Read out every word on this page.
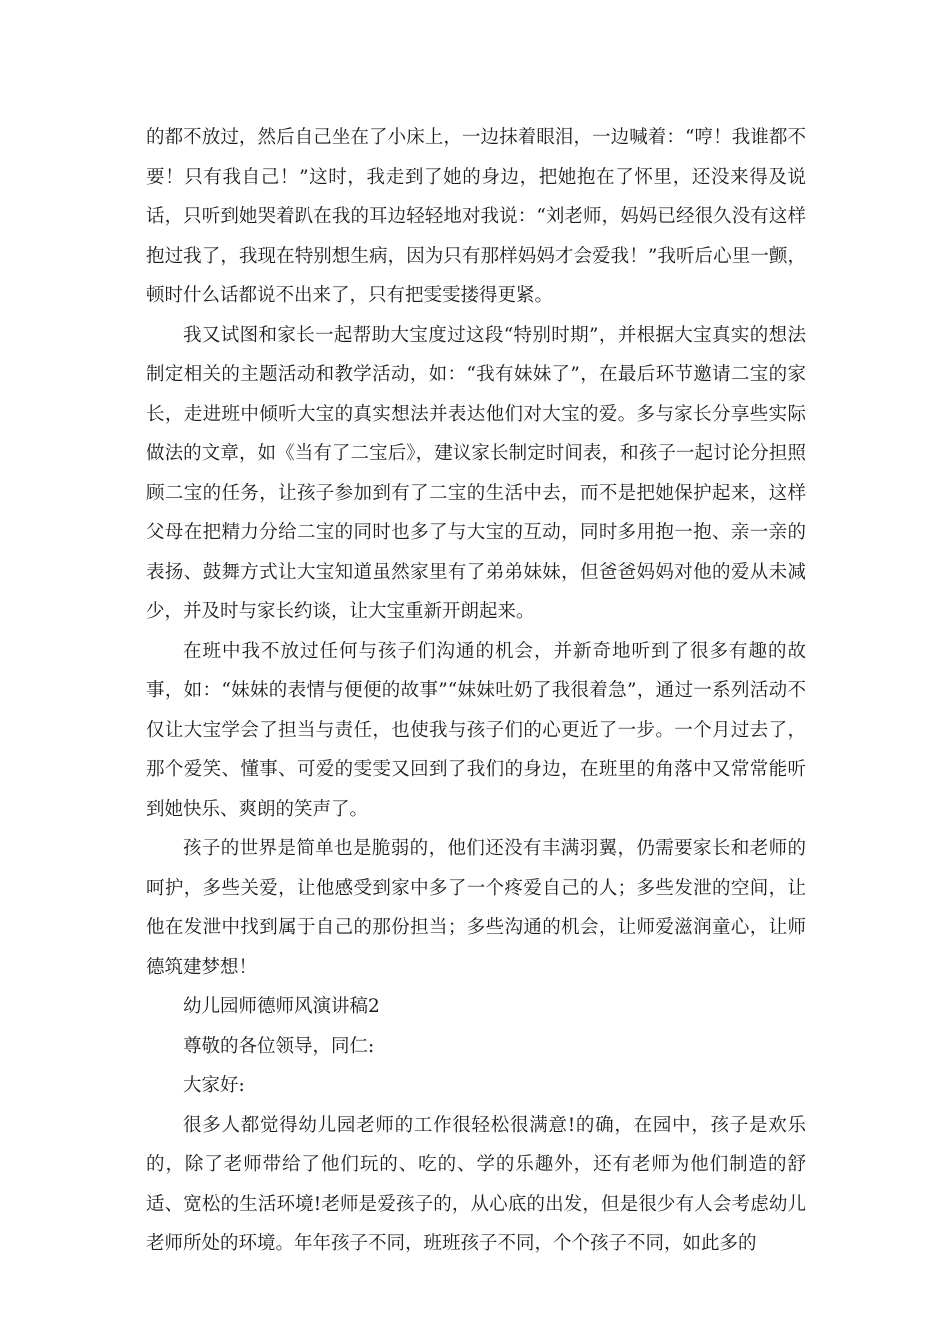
的都不放过，然后自己坐在了小床上，一边抹着眼泪，一边喊着：“哼！我谁都不要！只有我自己！”这时，我走到了她的身边，把她抱在了怀里，还没来得及说话，只听到她哭着趴在我的耳边轻轻地对我说：“刘老师，妈妈已经很久没有这样抱过我了，我现在特别想生病，因为只有那样妈妈才会爱我！”我听后心里一颤，顿时什么话都说不出来了，只有把雯雯搂得更紧。

我又试图和家长一起帮助大宝度过这段“特别时期”，并根据大宝真实的想法制定相关的主题活动和教学活动，如：“我有妹妹了”，在最后环节邀请二宝的家长，走进班中倾听大宝的真实想法并表达他们对大宝的爱。多与家长分享些实际做法的文章，如《当有了二宝后》，建议家长制定时间表，和孩子一起讨论分担照顾二宝的任务，让孩子参加到有了二宝的生活中去，而不是把她保护起来，这样父母在把精力分给二宝的同时也多了与大宝的互动，同时多用抱一抱、亲一亲的表扬、鼓舞方式让大宝知道虽然家里有了弟弟妹妹，但爸爸妈妈对他的爱从未减少，并及时与家长约谈，让大宝重新开朗起来。

在班中我不放过任何与孩子们沟通的机会，并新奇地听到了很多有趣的故事，如：“妹妹的表情与便便的故事”“妹妹吐奶了我很着急”，通过一系列活动不仅让大宝学会了担当与责任，也使我与孩子们的心更近了一步。一个月过去了，那个爱笑、懂事、可爱的雯雯又回到了我们的身边，在班里的角落中又常常能听到她快乐、爽朗的笑声了。

孩子的世界是简单也是脆弱的，他们还没有丰满羽翼，仍需要家长和老师的呵护，多些关爱，让他感受到家中多了一个疼爱自己的人；多些发泄的空间，让他在发泄中找到属于自己的那份担当；多些沟通的机会，让师爱滋润童心，让师德筑建梦想！

幼儿园师德师风演讲稿2

尊敬的各位领导，同仁:

大家好:

很多人都觉得幼儿园老师的工作很轻松很满意!的确，在园中，孩子是欢乐的，除了老师带给了他们玩的、吃的、学的乐趣外，还有老师为他们制造的舒适、宽松的生活环境!老师是爱孩子的，从心底的出发，但是很少有人会考虑幼儿老师所处的环境。年年孩子不同，班班孩子不同，个个孩子不同，如此多的
